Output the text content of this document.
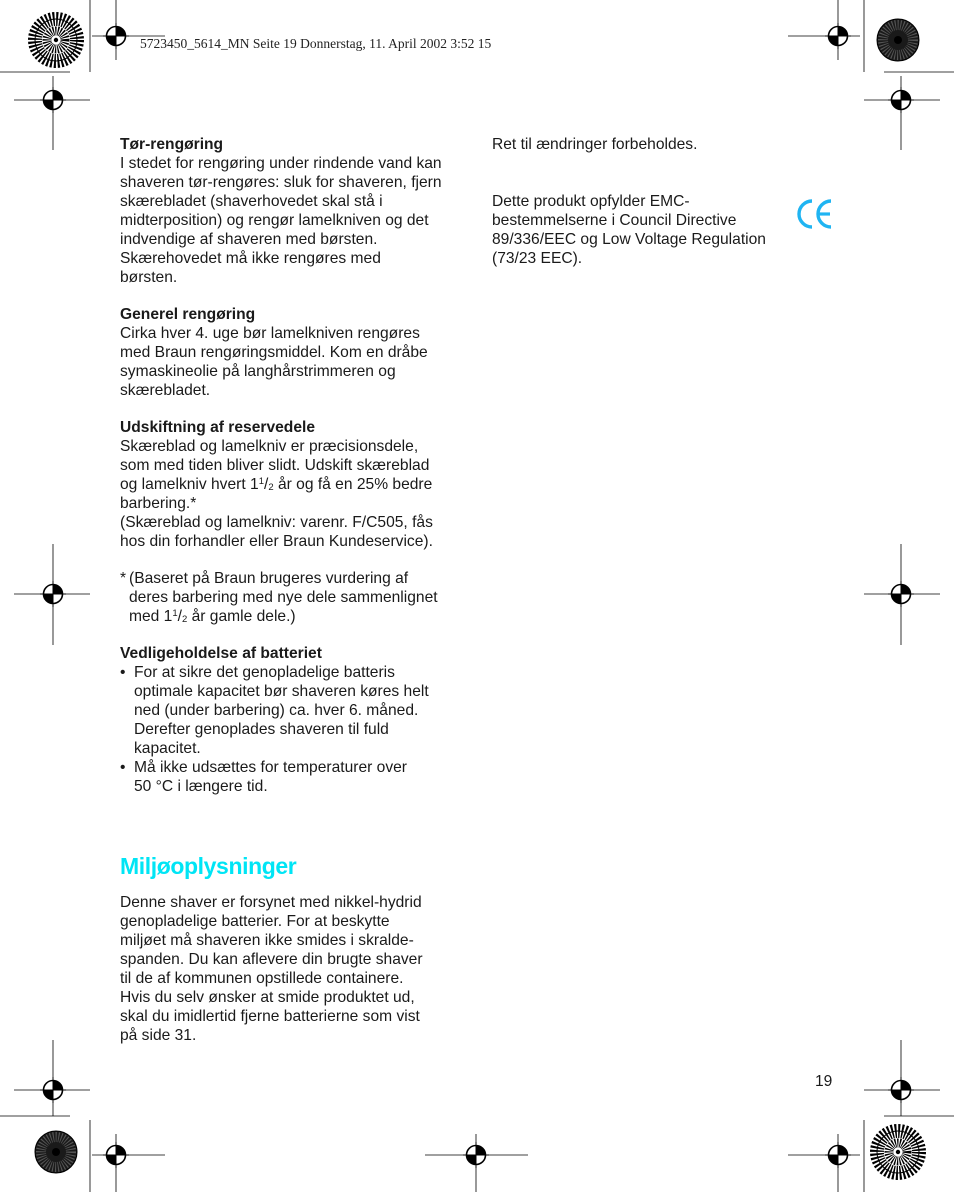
5723450_5614_MN Seite 19 Donnerstag, 11. April 2002 3:52 15
Tør-rengøring
I stedet for rengøring under rindende vand kan
shaveren tør-rengøres: sluk for shaveren, fjern
skærebladet (shaverhovedet skal stå i
midterposition) og rengør lamelkniven og det
indvendige af shaveren med børsten.
Skærehovedet må ikke rengøres med
børsten.
Generel rengøring
Cirka hver 4. uge bør lamelkniven rengøres
med Braun rengøringsmiddel. Kom en dråbe
symaskineolie på langhårstrimmeren og
skærebladet.
Udskiftning af reservedele
Skæreblad og lamelkniv er præcisionsdele,
som med tiden bliver slidt. Udskift skæreblad
og lamelkniv hvert $1^1/_2$ år og få en 25% bedre
barbering.*
(Skæreblad og lamelkniv: varenr. F/C505, fås
hos din forhandler eller Braun Kundeservice).
* (Baseret på Braun brugeres vurdering af
deres barbering med nye dele sammenlignet
med $1^1/_2$ år gamle dele.)
Vedligeholdelse af batteriet
• For at sikre det genopladelige batteris
optimale kapacitet bør shaveren køres helt
ned (under barbering) ca. hver 6. måned.
Derefter genoplades shaveren til fuld
kapacitet.
• Må ikke udsættes for temperaturer over
50 °C i længere tid.
Miljøoplysninger
Denne shaver er forsynet med nikkel-hydrid
genopladelige batterier. For at beskytte
miljøet må shaveren ikke smides i skralde-
spanden. Du kan aflevere din brugte shaver
til de af kommunen opstillede containere.
Hvis du selv ønsker at smide produktet ud,
skal du imidlertid fjerne batterierne som vist
på side 31.
Ret til ændringer forbeholdes.
Dette produkt opfylder EMC-
bestemmelserne i Council Directive
89/336/EEC og Low Voltage Regulation
(73/23 EEC).
19
